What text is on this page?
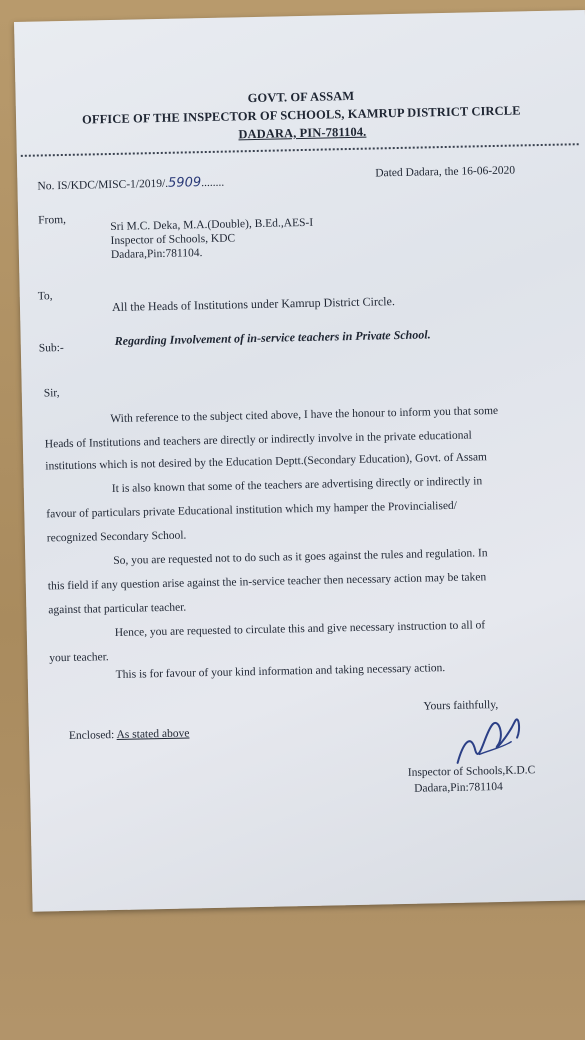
GOVT. OF ASSAM
OFFICE OF THE INSPECTOR OF SCHOOLS, KAMRUP DISTRICT CIRCLE
DADARA, PIN-781104.
No. IS/KDC/MISC-1/2019/.5909........
Dated Dadara, the 16-06-2020
From,	Sri M.C. Deka, M.A.(Double), B.Ed.,AES-I
Inspector of Schools, KDC
Dadara,Pin:781104.
To,	All the Heads of Institutions under Kamrup District Circle.
Sub:-
Regarding Involvement of in-service teachers in Private School.
Sir,
With reference to the subject cited above, I have the honour to inform you that some
Heads of Institutions and teachers are directly or indirectly involve in the private educational
institutions which is not desired by the Education Deptt.(Secondary Education), Govt. of Assam
It is also known that some of the teachers are advertising directly or indirectly in
favour of particulars private Educational institution which my hamper the Provincialised/
recognized Secondary School.
So, you are requested not to do such as it goes against the rules and regulation. In
this field if any question arise against the in-service teacher then necessary action may be taken
against that particular teacher.
Hence, you are requested to circulate this and give necessary instruction to all of
your teacher.
This is for favour of your kind information and taking necessary action.
Yours faithfully,
Enclosed: As stated above
Inspector of Schools,K.D.C
Dadara,Pin:781104
